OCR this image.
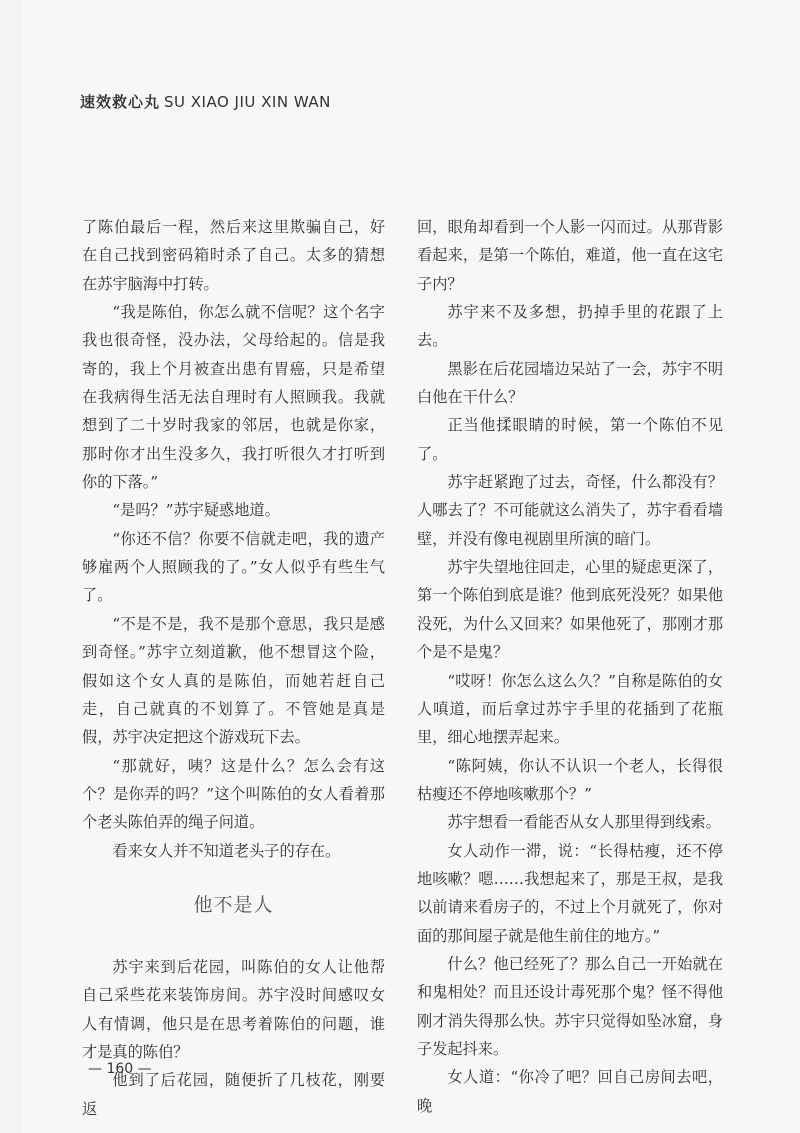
速效救心丸 SU XIAO JIU XIN WAN

了陈伯最后一程，然后来这里欺骗自己，好在自己找到密码箱时杀了自己。太多的猜想在苏宇脑海中打转。

“我是陈伯，你怎么就不信呢？这个名字我也很奇怪，没办法，父母给起的。信是我寄的，我上个月被查出患有胃癌，只是希望在我病得生活无法自理时有人照顾我。我就想到了二十岁时我家的邻居，也就是你家，那时你才出生没多久，我打听很久才打听到你的下落。”

“是吗？”苏宇疑惑地道。

“你还不信？你要不信就走吧，我的遗产够雇两个人照顾我的了。”女人似乎有些生气了。

“不是不是，我不是那个意思，我只是感到奇怪。”苏宇立刻道歉，他不想冒这个险，假如这个女人真的是陈伯，而她若赶自己走，自己就真的不划算了。不管她是真是假，苏宇决定把这个游戏玩下去。

“那就好，咦？这是什么？怎么会有这个？是你弄的吗？”这个叫陈伯的女人看着那个老头陈伯弄的绳子问道。

看来女人并不知道老头子的存在。

他不是人

苏宇来到后花园，叫陈伯的女人让他帮自己采些花来装饰房间。苏宇没时间感叹女人有情调，他只是在思考着陈伯的问题，谁才是真的陈伯？

他到了后花园，随便折了几枝花，刚要返

回，眼角却看到一个人影一闪而过。从那背影看起来，是第一个陈伯，难道，他一直在这宅子内？

苏宇来不及多想，扔掉手里的花跟了上去。

黑影在后花园墙边呆站了一会，苏宇不明白他在干什么？

正当他揉眼睛的时候，第一个陈伯不见了。

苏宇赶紧跑了过去，奇怪，什么都没有？人哪去了？不可能就这么消失了，苏宇看看墙壁，并没有像电视剧里所演的暗门。

苏宇失望地往回走，心里的疑虑更深了，第一个陈伯到底是谁？他到底死没死？如果他没死，为什么又回来？如果他死了，那刚才那个是不是鬼？

“哎呀！你怎么这么久？”自称是陈伯的女人嗔道，而后拿过苏宇手里的花插到了花瓶里，细心地摆弄起来。

“陈阿姨，你认不认识一个老人，长得很枯瘦还不停地咳嗽那个？”

苏宇想看一看能否从女人那里得到线索。

女人动作一滞，说：“长得枯瘦，还不停地咳嗽？嗯……我想起来了，那是王叔，是我以前请来看房子的，不过上个月就死了，你对面的那间屋子就是他生前住的地方。”

什么？他已经死了？那么自己一开始就在和鬼相处？而且还设计毒死那个鬼？怪不得他刚才消失得那么快。苏宇只觉得如坠冰窟，身子发起抖来。

女人道：“你冷了吧？回自己房间去吧，晚

— 160 —
